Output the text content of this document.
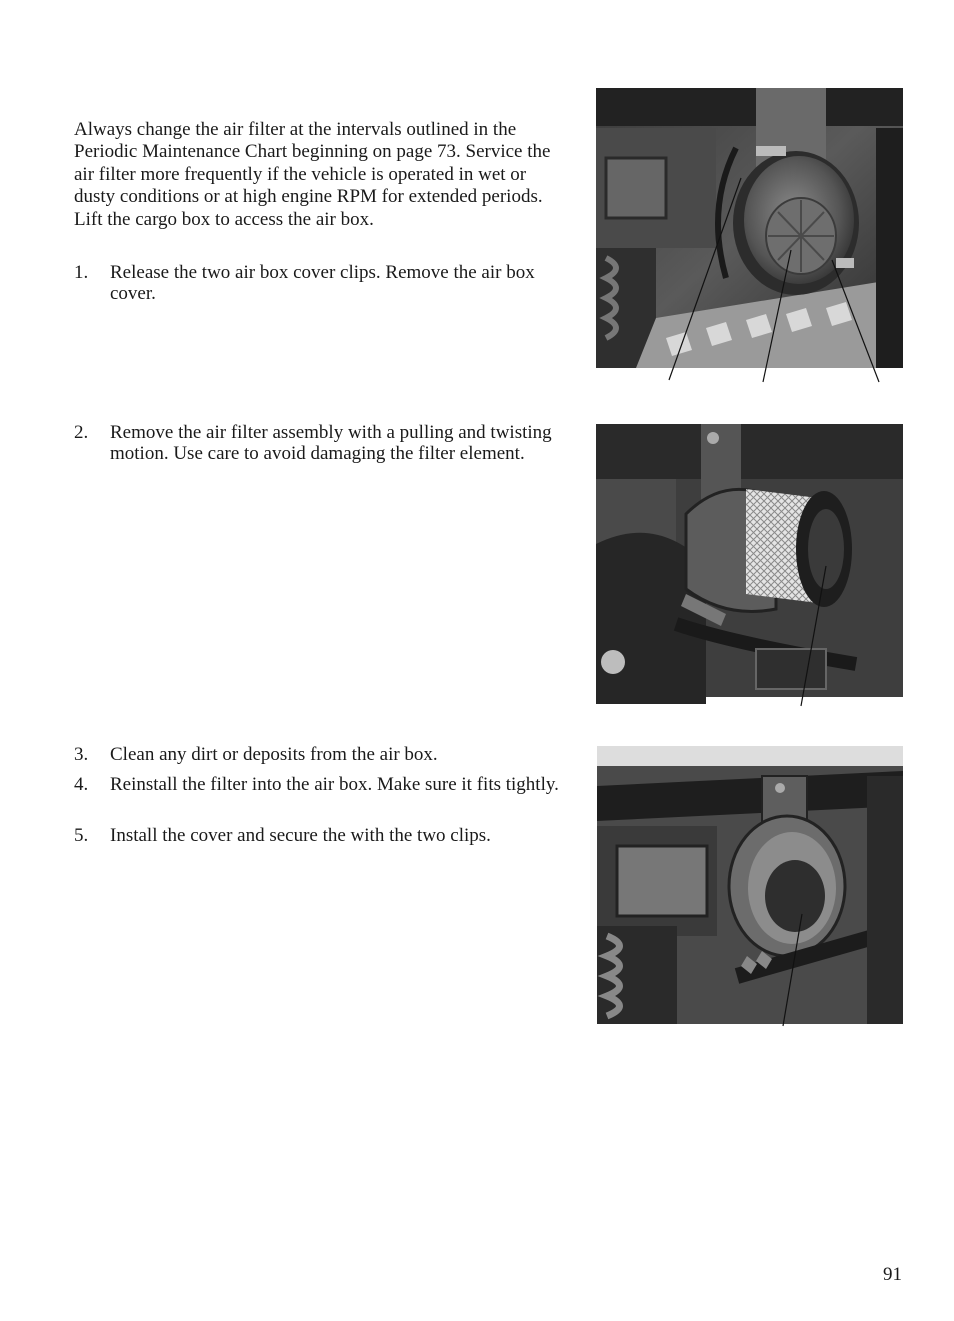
Always change the air filter at the intervals outlined in the Periodic Maintenance Chart beginning on page 73. Service the air filter more frequently if the vehicle is operated in wet or dusty conditions or at high engine RPM for extended periods. Lift the cargo box to access the air box.

1.	Release the two air box cover clips. Remove the air box cover.
2.	Remove the air filter assembly with a pulling and twisting motion. Use care to avoid damaging the filter element.
3.	Clean any dirt or deposits from the air box.
4.	Reinstall the filter into the air box. Make sure it fits tightly.
5.	Install the cover and secure the with the two clips.
91
